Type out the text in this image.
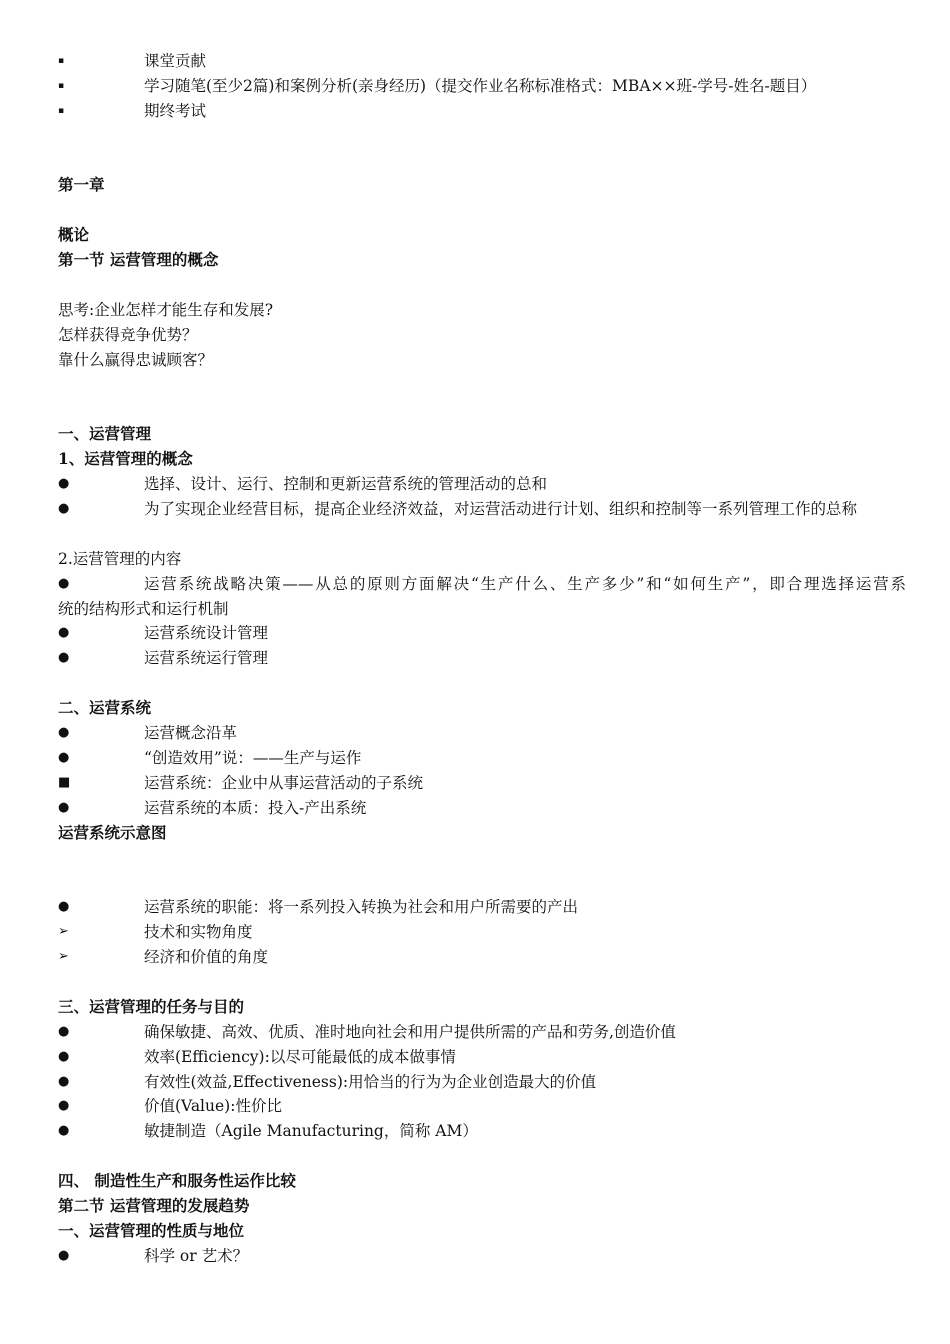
▪	课堂贡献
▪	学习随笔(至少2篇)和案例分析(亲身经历)（提交作业名称标准格式：MBA××班-学号-姓名-题目）
▪	期终考试
第一章
概论
第一节 运营管理的概念
思考:企业怎样才能生存和发展?
怎样获得竞争优势？
靠什么赢得忠诚顾客？
一、运营管理
1、运营管理的概念
●	选择、设计、运行、控制和更新运营系统的管理活动的总和
●	为了实现企业经营目标，提高企业经济效益，对运营活动进行计划、组织和控制等一系列管理工作的总称
2.运营管理的内容
●	运营系统战略决策——从总的原则方面解决“生产什么、生产多少”和“如何生产”，即合理选择运营系
统的结构形式和运行机制
●	运营系统设计管理
●	运营系统运行管理
二、运营系统
●	运营概念沿革
●	“创造效用”说：——生产与运作
■	运营系统：企业中从事运营活动的子系统
●	运营系统的本质：投入-产出系统
运营系统示意图
●	运营系统的职能：将一系列投入转换为社会和用户所需要的产出
➢	技术和实物角度
➢	经济和价值的角度
三、运营管理的任务与目的
●	确保敏捷、高效、优质、准时地向社会和用户提供所需的产品和劳务,创造价值
●	效率(Efficiency):以尽可能最低的成本做事情
●	有效性(效益,Effectiveness):用恰当的行为为企业创造最大的价值
●	价值(Value):性价比
●	敏捷制造（Agile Manufacturing，简称 AM）
四、 制造性生产和服务性运作比较
第二节 运营管理的发展趋势
一、运营管理的性质与地位
●	科学 or 艺术？
